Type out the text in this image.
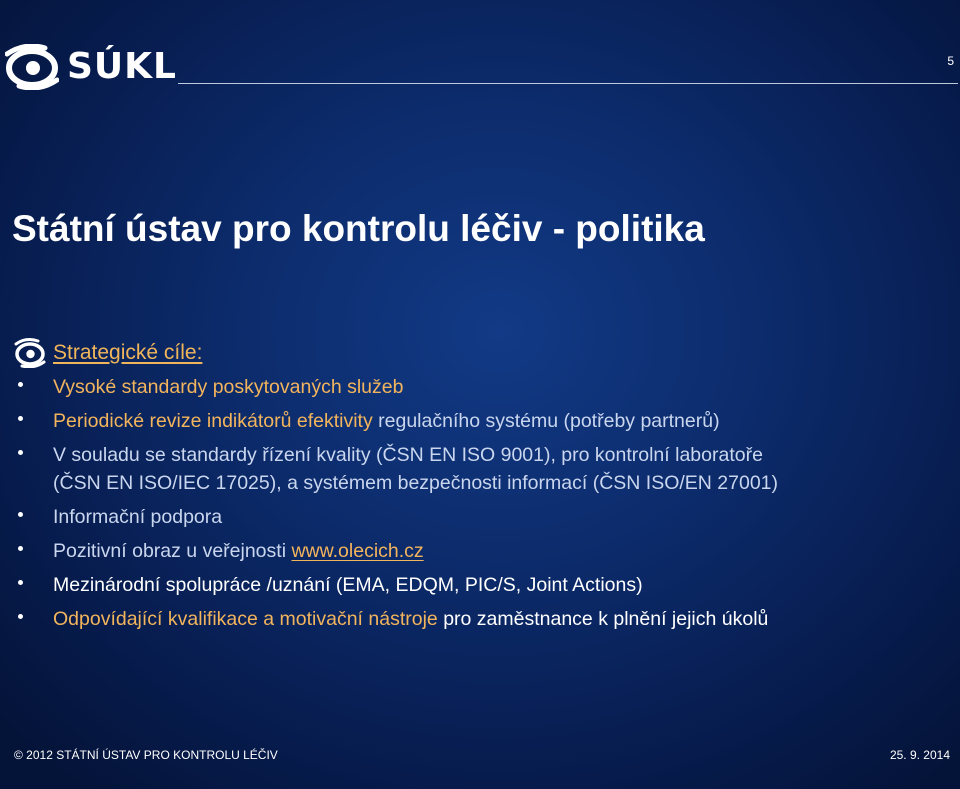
SÚKL	5
Státní ústav pro kontrolu léčiv - politika
Strategické cíle:
Vysoké standardy poskytovaných služeb
Periodické revize indikátorů efektivity regulačního systému (potřeby partnerů)
V souladu se standardy řízení kvality (ČSN EN ISO 9001), pro kontrolní laboratoře
(ČSN EN ISO/IEC 17025), a systémem bezpečnosti informací (ČSN ISO/EN 27001)
Informační podpora
Pozitivní obraz u veřejnosti www.olecich.cz
Mezinárodní spolupráce /uznání (EMA, EDQM, PIC/S, Joint Actions)
Odpovídající kvalifikace a motivační nástroje pro zaměstnance k plnění jejich úkolů
© 2012 STÁTNÍ ÚSTAV PRO KONTROLU LÉČIV	25. 9. 2014
